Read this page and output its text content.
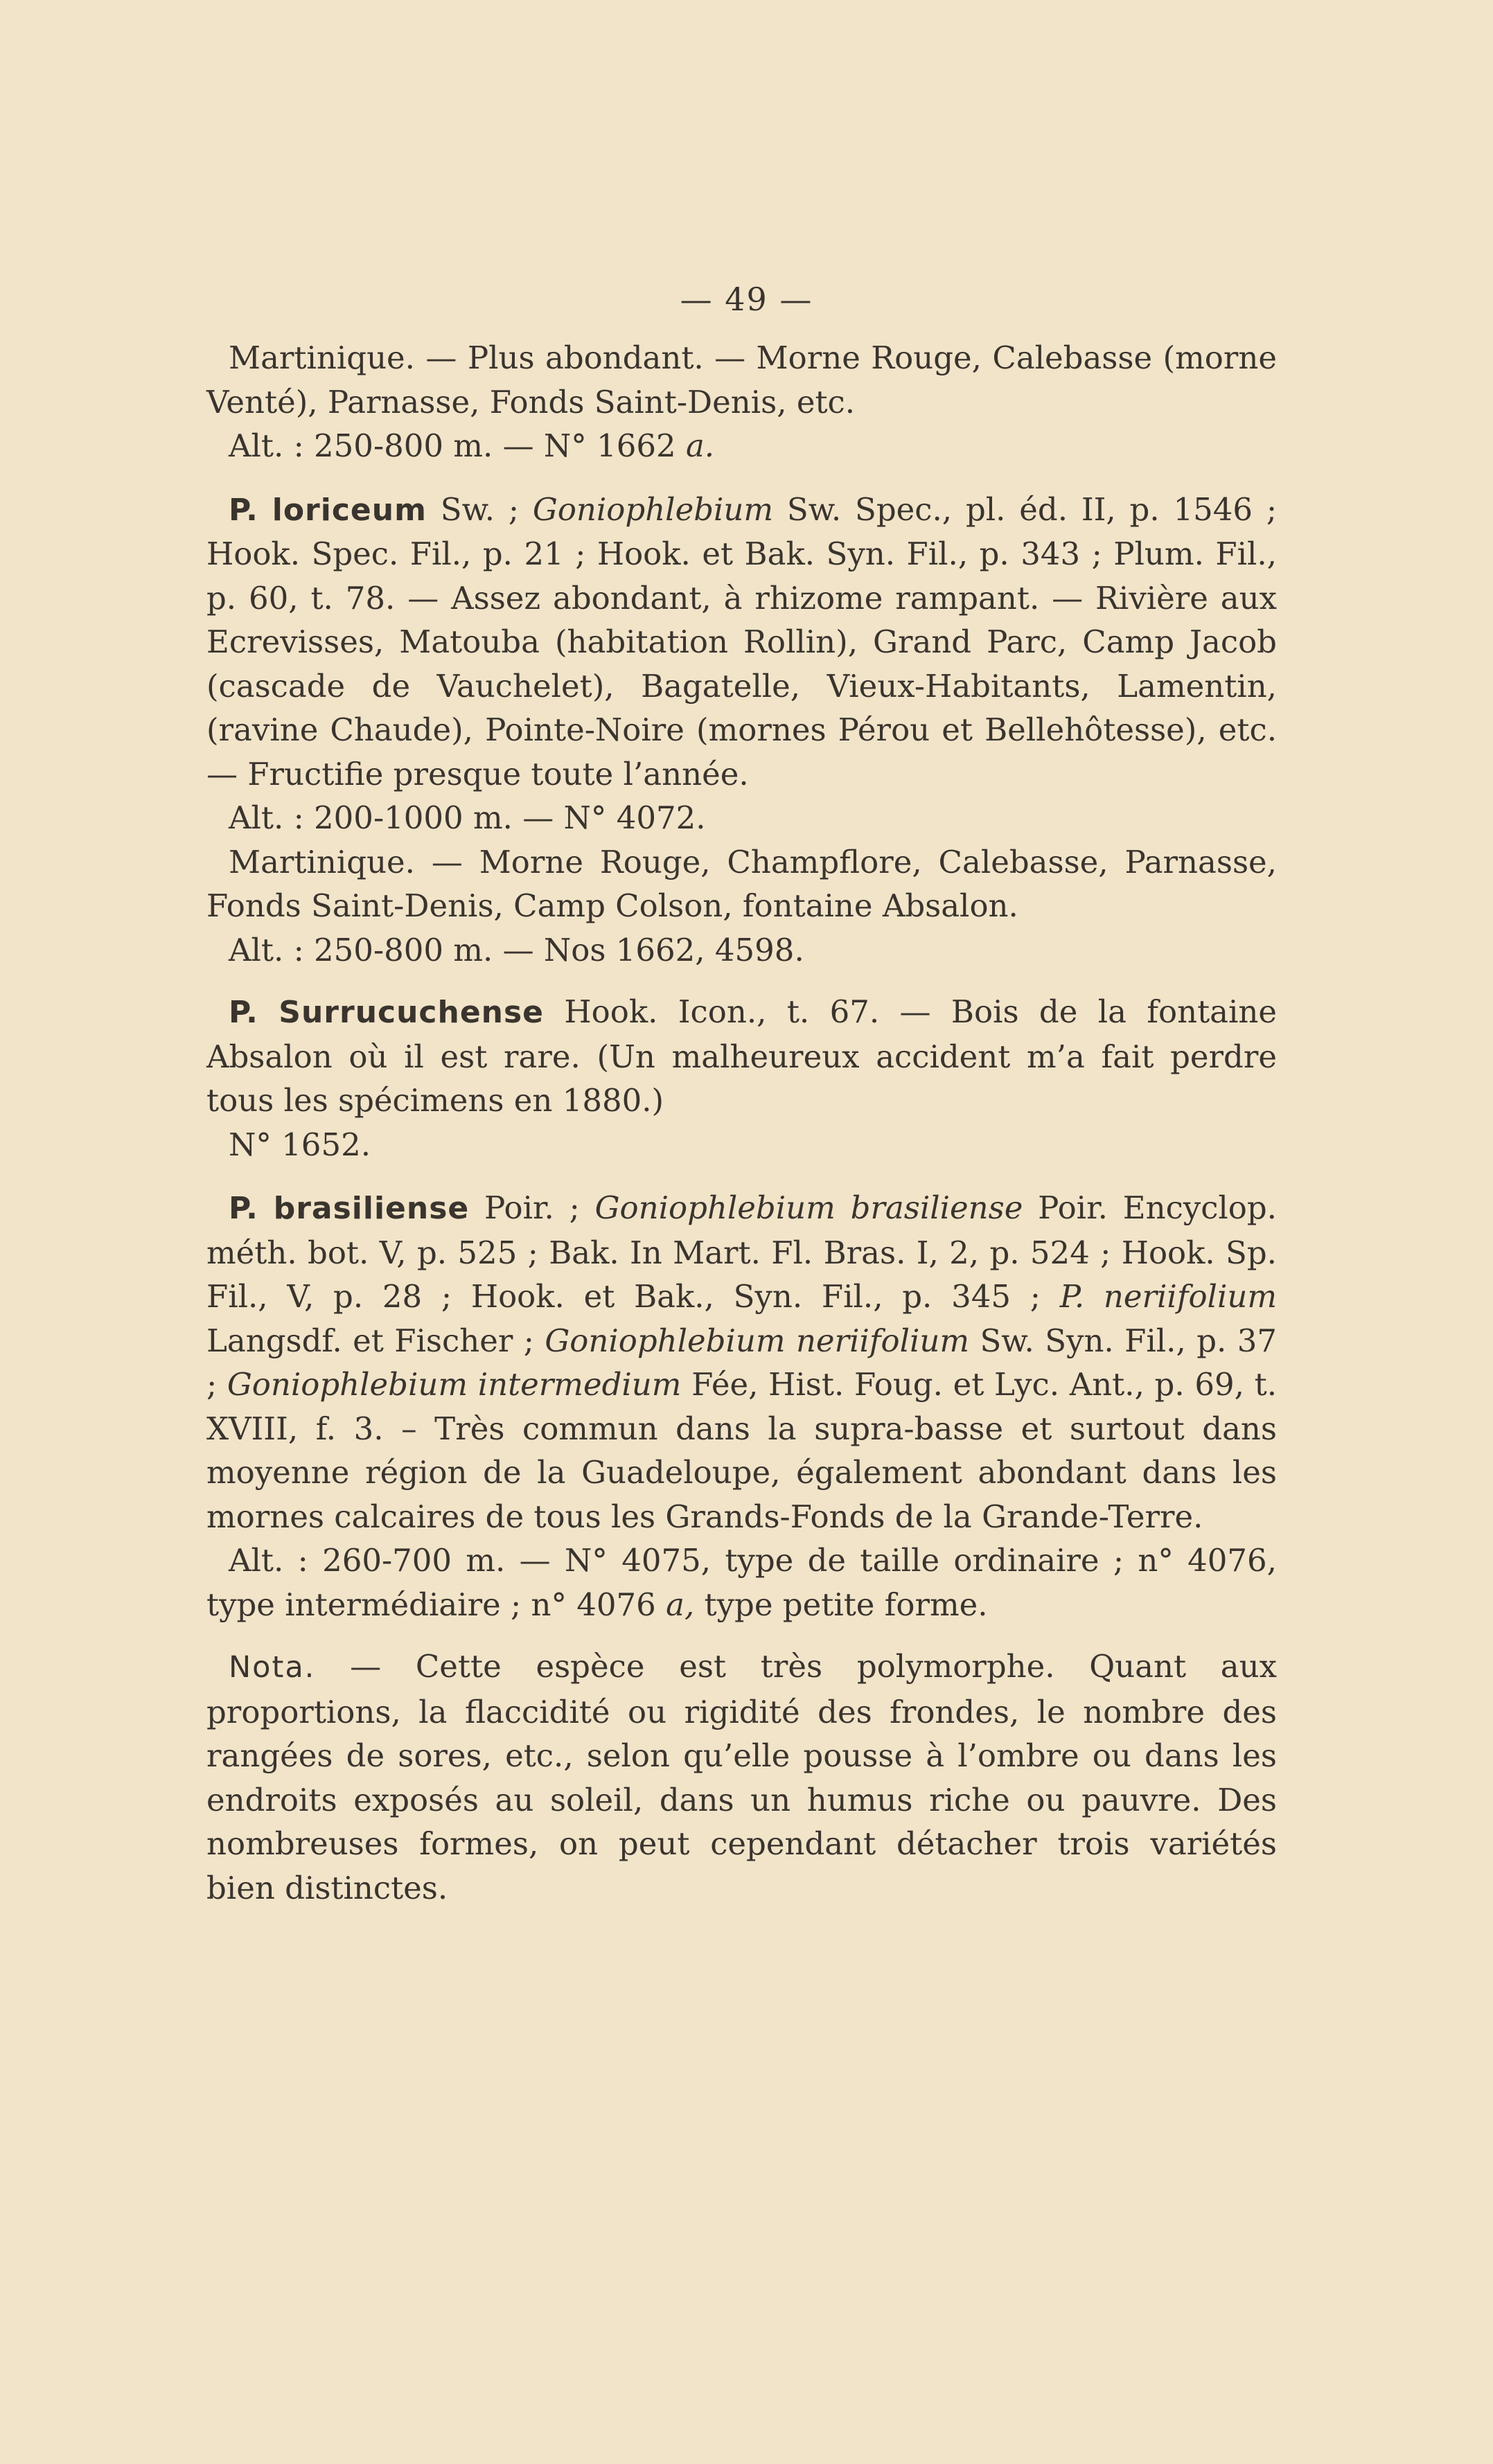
— 49 —

Martinique. — Plus abondant. — Morne Rouge, Calebasse (morne Venté), Parnasse, Fonds Saint-Denis, etc.

Alt. : 250-800 m. — N° 1662 a.

P. loriceum Sw. ; Goniophlebium Sw. Spec., pl. éd. II, p. 1546 ; Hook. Spec. Fil., p. 21 ; Hook. et Bak. Syn. Fil., p. 343 ; Plum. Fil., p. 60, t. 78. — Assez abondant, à rhizome rampant. — Rivière aux Ecrevisses, Matouba (habitation Rollin), Grand Parc, Camp Jacob (cascade de Vauchelet), Bagatelle, Vieux-Habitants, Lamentin, (ravine Chaude), Pointe-Noire (mornes Pérou et Bellehôtesse), etc. — Fructifie presque toute l’année.

Alt. : 200-1000 m. — N° 4072.

Martinique. — Morne Rouge, Champflore, Calebasse, Parnasse, Fonds Saint-Denis, Camp Colson, fontaine Absalon.

Alt. : 250-800 m. — Nos 1662, 4598.

P. Surrucuchense Hook. Icon., t. 67. — Bois de la fontaine Absalon où il est rare. (Un malheureux accident m’a fait perdre tous les spécimens en 1880.)

N° 1652.

P. brasiliense Poir. ; Goniophlebium brasiliense Poir. Encyclop. méth. bot. V, p. 525 ; Bak. In Mart. Fl. Bras. I, 2, p. 524 ; Hook. Sp. Fil., V, p. 28 ; Hook. et Bak., Syn. Fil., p. 345 ; P. neriifolium Langsdf. et Fischer ; Goniophlebium neriifolium Sw. Syn. Fil., p. 37 ; Goniophlebium intermedium Fée, Hist. Foug. et Lyc. Ant., p. 69, t. XVIII, f. 3. – Très commun dans la supra-basse et surtout dans moyenne région de la Guadeloupe, également abondant dans les mornes calcaires de tous les Grands-Fonds de la Grande-Terre.

Alt. : 260-700 m. — N° 4075, type de taille ordinaire ; n° 4076, type intermédiaire ; n° 4076 a, type petite forme.

Nota. — Cette espèce est très polymorphe. Quant aux proportions, la flaccidité ou rigidité des frondes, le nombre des rangées de sores, etc., selon qu’elle pousse à l’ombre ou dans les endroits exposés au soleil, dans un humus riche ou pauvre. Des nombreuses formes, on peut cependant détacher trois variétés bien distinctes.
